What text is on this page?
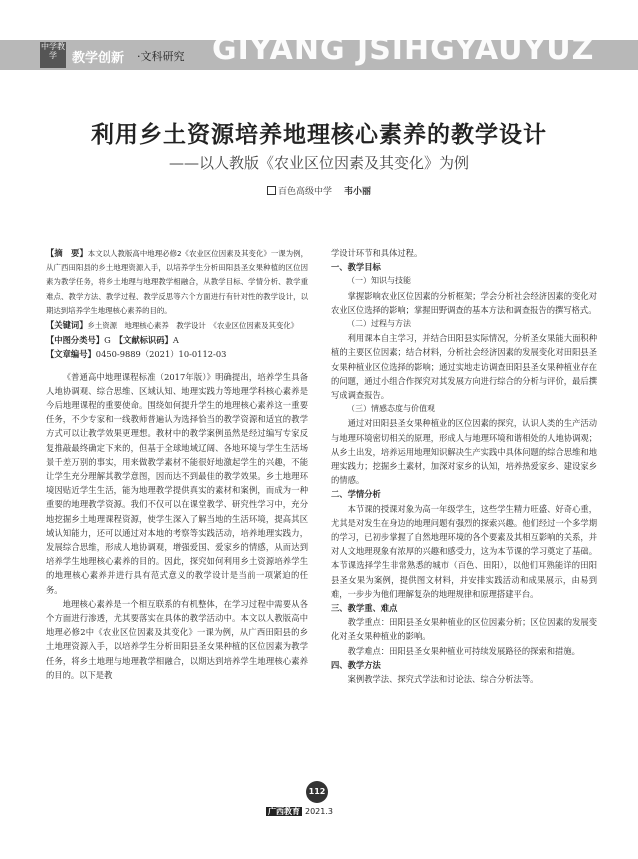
中学教学	教学创新 ·文科研究 GIYANG JSIHGYAUYUZ
利用乡土资源培养地理核心素养的教学设计
——以人教版《农业区位因素及其变化》为例
百色高级中学 韦小丽

【摘　要】本文以人教版高中地理必修2《农业区位因素及其变化》一课为例，从广西田阳县的乡土地理资源入手，以培养学生分析田阳县圣女果种植的区位因素为教学任务，将乡土地理与地理教学相融合，从教学目标、学情分析、教学重难点、教学方法、教学过程、教学反思等六个方面进行有针对性的教学设计，以期达到培养学生地理核心素养的目的。

【关键词】乡土资源　地理核心素养　教学设计　《农业区位因素及其变化》

【中图分类号】G 【文献标识码】A

【文章编号】0450-9889（2021）10-0112-03

《普通高中地理课程标准（2017年版）》明确提出，培养学生具备人地协调观、综合思维、区域认知、地理实践力等地理学科核心素养是今后地理课程的重要使命。围绕如何提升学生的地理核心素养这一重要任务，不少专家和一线教师普遍认为选择恰当的教学资源和适宜的教学方式可以让教学效果更理想。教材中的教学案例虽然是经过编写专家反复推敲最终确定下来的，但基于全球地域辽阔、各地环境与学生生活场景千差万别的事实，用来做教学素材不能很好地激起学生的兴趣，不能让学生充分理解其教学意图，因而达不到最佳的教学效果。乡土地理环境因贴近学生生活，能为地理教学提供真实的素材和案例，而成为一种重要的地理教学资源。我们不仅可以在课堂教学、研究性学习中，充分地挖掘乡土地理课程资源，使学生深入了解当地的生活环境，提高其区域认知能力，还可以通过对本地的考察等实践活动，培养地理实践力，发展综合思维，形成人地协调观，增强爱国、爱家乡的情感，从而达到培养学生地理核心素养的目的。因此，探究如何利用乡土资源培养学生的地理核心素养并进行具有范式意义的教学设计是当前一项紧迫的任务。

地理核心素养是一个相互联系的有机整体，在学习过程中需要从各个方面进行渗透，尤其要落实在具体的教学活动中。本文以人教版高中地理必修2中《农业区位因素及其变化》一课为例，从广西田阳县的乡土地理资源入手，以培养学生分析田阳县圣女果种植的区位因素为教学任务，将乡土地理与地理教学相融合，以期达到培养学生地理核心素养的目的。以下是教

学设计环节和具体过程。

一、教学目标

（一）知识与技能

掌握影响农业区位因素的分析框架；学会分析社会经济因素的变化对农业区位选择的影响；掌握田野调查的基本方法和调查报告的撰写格式。

（二）过程与方法

利用课本自主学习，并结合田阳县实际情况，分析圣女果能大面积种植的主要区位因素；结合材料，分析社会经济因素的发展变化对田阳县圣女果种植业区位选择的影响；通过实地走访调查田阳县圣女果种植业存在的问题，通过小组合作探究对其发展方向进行综合的分析与评价，最后撰写成调查报告。

（三）情感态度与价值观

通过对田阳县圣女果种植业的区位因素的探究，认识人类的生产活动与地理环境密切相关的原理，形成人与地理环境和谐相处的人地协调观；从乡土出发，培养运用地理知识解决生产实践中具体问题的综合思维和地理实践力；挖掘乡土素材，加深对家乡的认知，培养热爱家乡、建设家乡的情感。

二、学情分析

本节课的授课对象为高一年级学生，这些学生精力旺盛、好奇心重，尤其是对发生在身边的地理问题有强烈的探索兴趣。他们经过一个多学期的学习，已初步掌握了自然地理环境的各个要素及其相互影响的关系，并对人文地理现象有浓厚的兴趣和感受力，这为本节课的学习奠定了基础。本节课选择学生非常熟悉的城市（百色、田阳），以他们耳熟能详的田阳县圣女果为案例，提供图文材料，并安排实践活动和成果展示，由易到难，一步步为他们理解复杂的地理规律和原理搭建平台。

三、教学重、难点

教学重点：田阳县圣女果种植业的区位因素分析；区位因素的发展变化对圣女果种植业的影响。

教学难点：田阳县圣女果种植业可持续发展路径的探索和措施。

四、教学方法

案例教学法、探究式学法和讨论法、综合分析法等。

112
广西教育 2021.3
